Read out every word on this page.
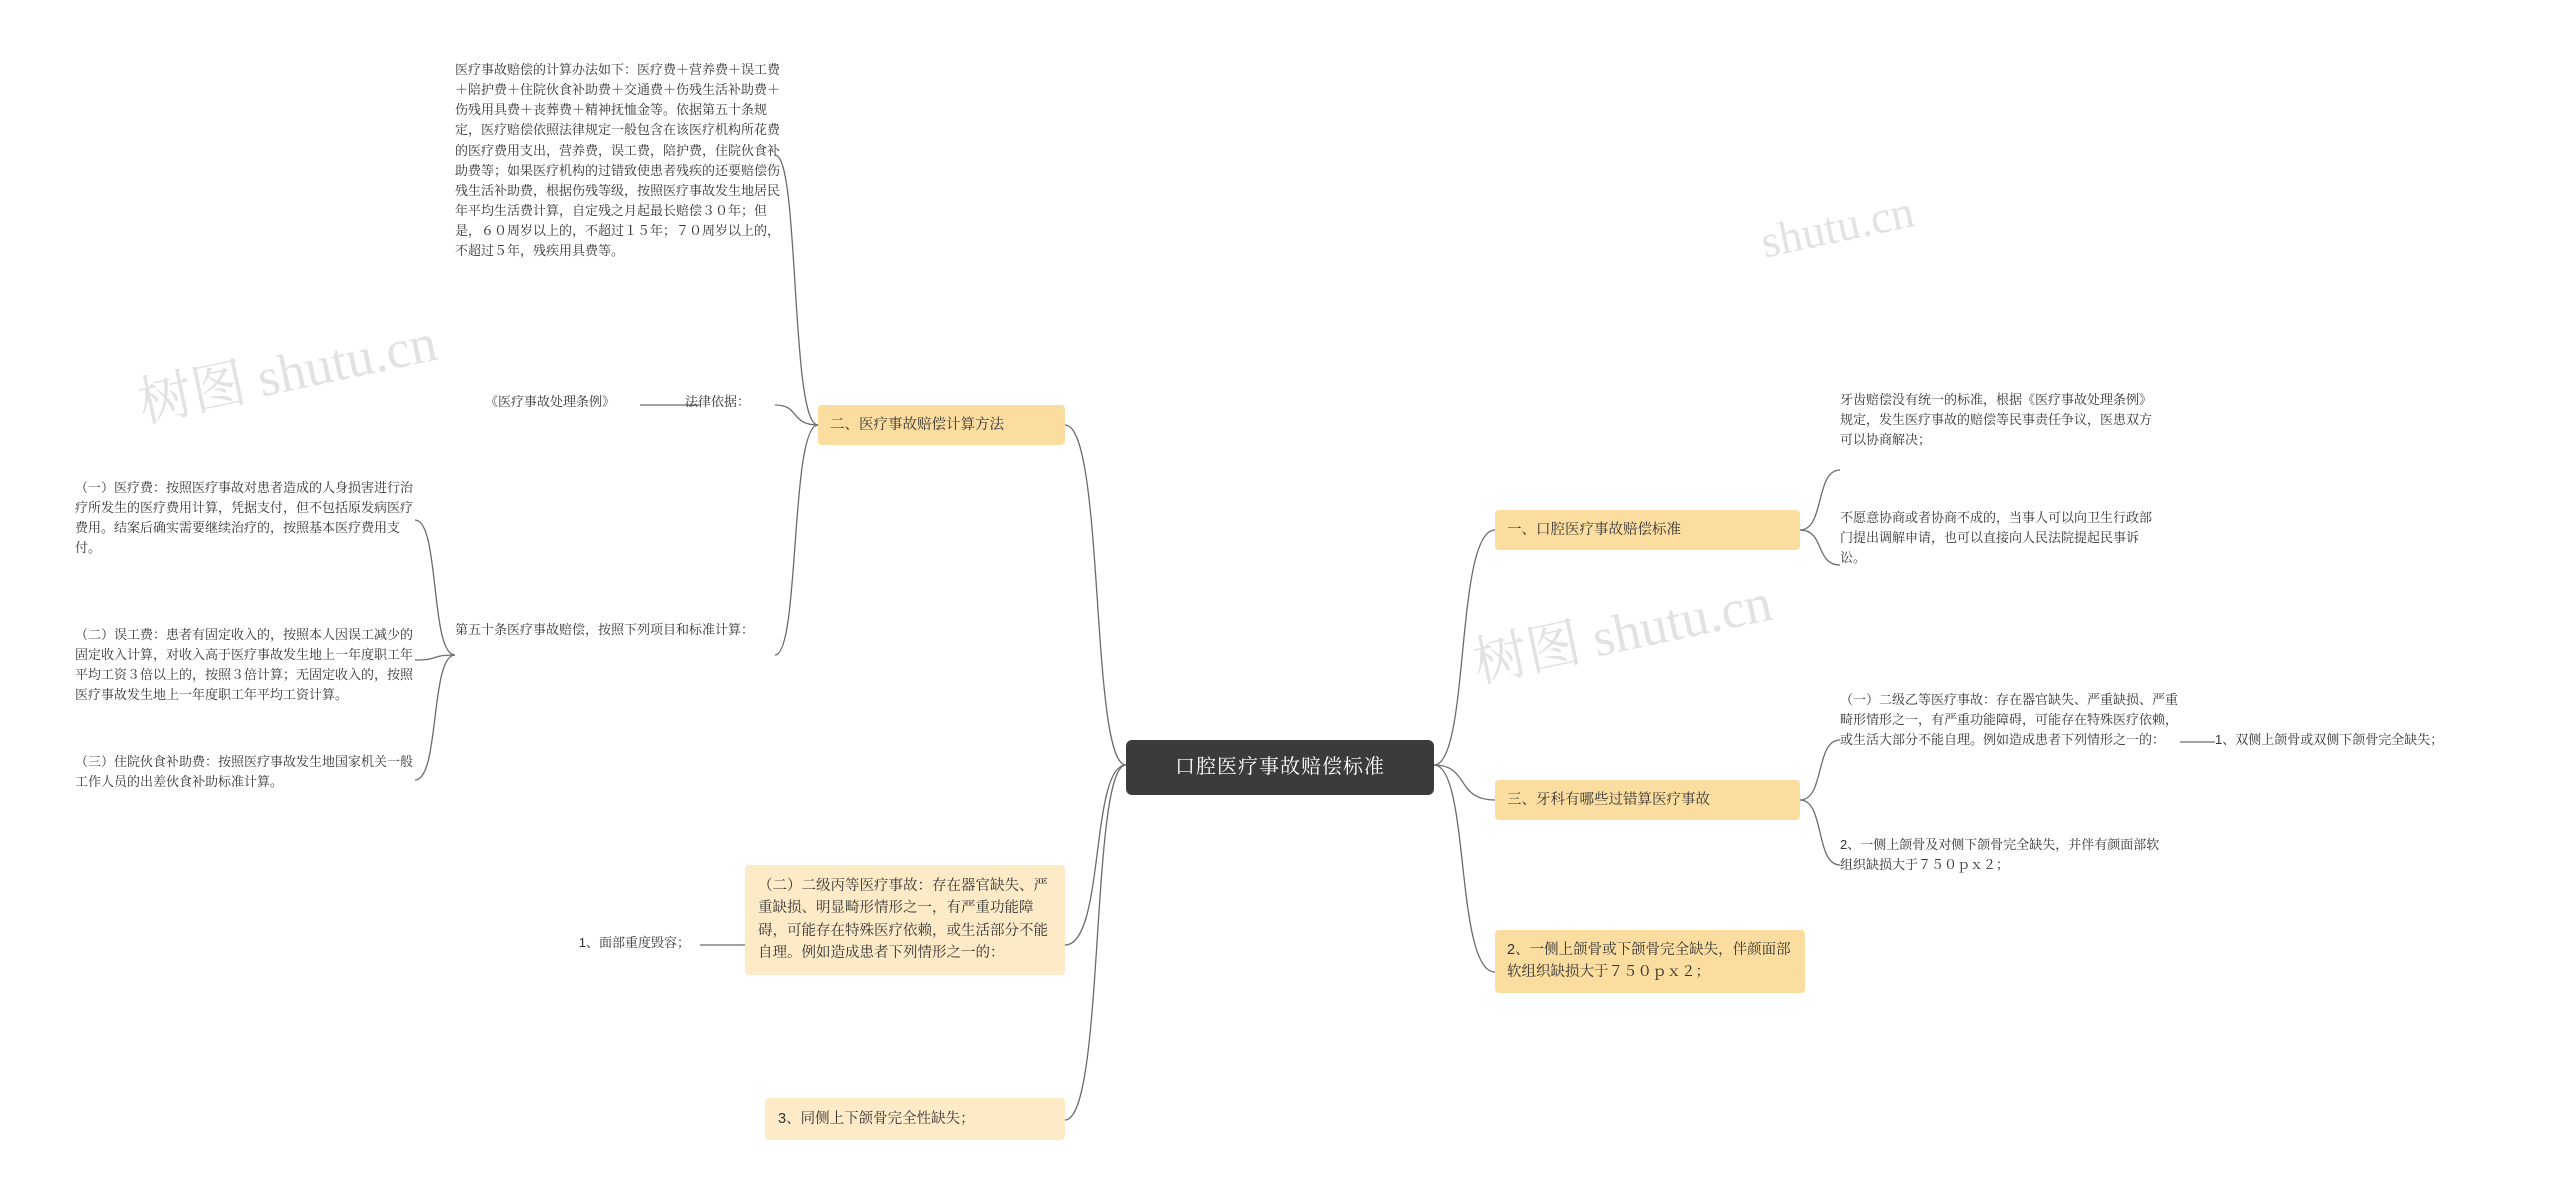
树图 shutu.cn
shutu.cn
树图 shutu.cn
口腔医疗事故赔偿标准
二、医疗事故赔偿计算方法
法律依据：
《医疗事故处理条例》
第五十条医疗事故赔偿，按照下列项目和标准计算：
（一）医疗费：按照医疗事故对患者造成的人身损害进行治疗所发生的医疗费用计算，凭据支付，但不包括原发病医疗费用。结案后确实需要继续治疗的，按照基本医疗费用支付。
（二）误工费：患者有固定收入的，按照本人因误工减少的固定收入计算，对收入高于医疗事故发生地上一年度职工年平均工资３倍以上的，按照３倍计算；无固定收入的，按照医疗事故发生地上一年度职工年平均工资计算。
（三）住院伙食补助费：按照医疗事故发生地国家机关一般工作人员的出差伙食补助标准计算。
医疗事故赔偿的计算办法如下：医疗费＋营养费＋误工费＋陪护费＋住院伙食补助费＋交通费＋伤残生活补助费＋伤残用具费＋丧葬费＋精神抚恤金等。依据第五十条规定，医疗赔偿依照法律规定一般包含在该医疗机构所花费的医疗费用支出，营养费，误工费，陪护费，住院伙食补助费等；如果医疗机构的过错致使患者残疾的还要赔偿伤残生活补助费，根据伤残等级，按照医疗事故发生地居民年平均生活费计算，自定残之月起最长赔偿３０年；但是，６０周岁以上的，不超过１５年；７０周岁以上的，不超过５年，残疾用具费等。
（二）二级丙等医疗事故：存在器官缺失、严重缺损、明显畸形情形之一，有严重功能障碍，可能存在特殊医疗依赖，或生活部分不能自理。例如造成患者下列情形之一的：
1、面部重度毁容；
3、同侧上下颌骨完全性缺失；
一、口腔医疗事故赔偿标准
牙齿赔偿没有统一的标准，根据《医疗事故处理条例》规定，发生医疗事故的赔偿等民事责任争议，医患双方可以协商解决；
不愿意协商或者协商不成的，当事人可以向卫生行政部门提出调解申请，也可以直接向人民法院提起民事诉讼。
三、牙科有哪些过错算医疗事故
（一）二级乙等医疗事故：存在器官缺失、严重缺损、严重畸形情形之一，有严重功能障碍，可能存在特殊医疗依赖，或生活大部分不能自理。例如造成患者下列情形之一的：	1、双侧上颌骨或双侧下颌骨完全缺失；
2、一侧上颌骨及对侧下颌骨完全缺失，并伴有颜面部软组织缺损大于７５０ｐｘ２；
2、一侧上颌骨或下颌骨完全缺失，伴颜面部软组织缺损大于７５０ｐｘ２；
